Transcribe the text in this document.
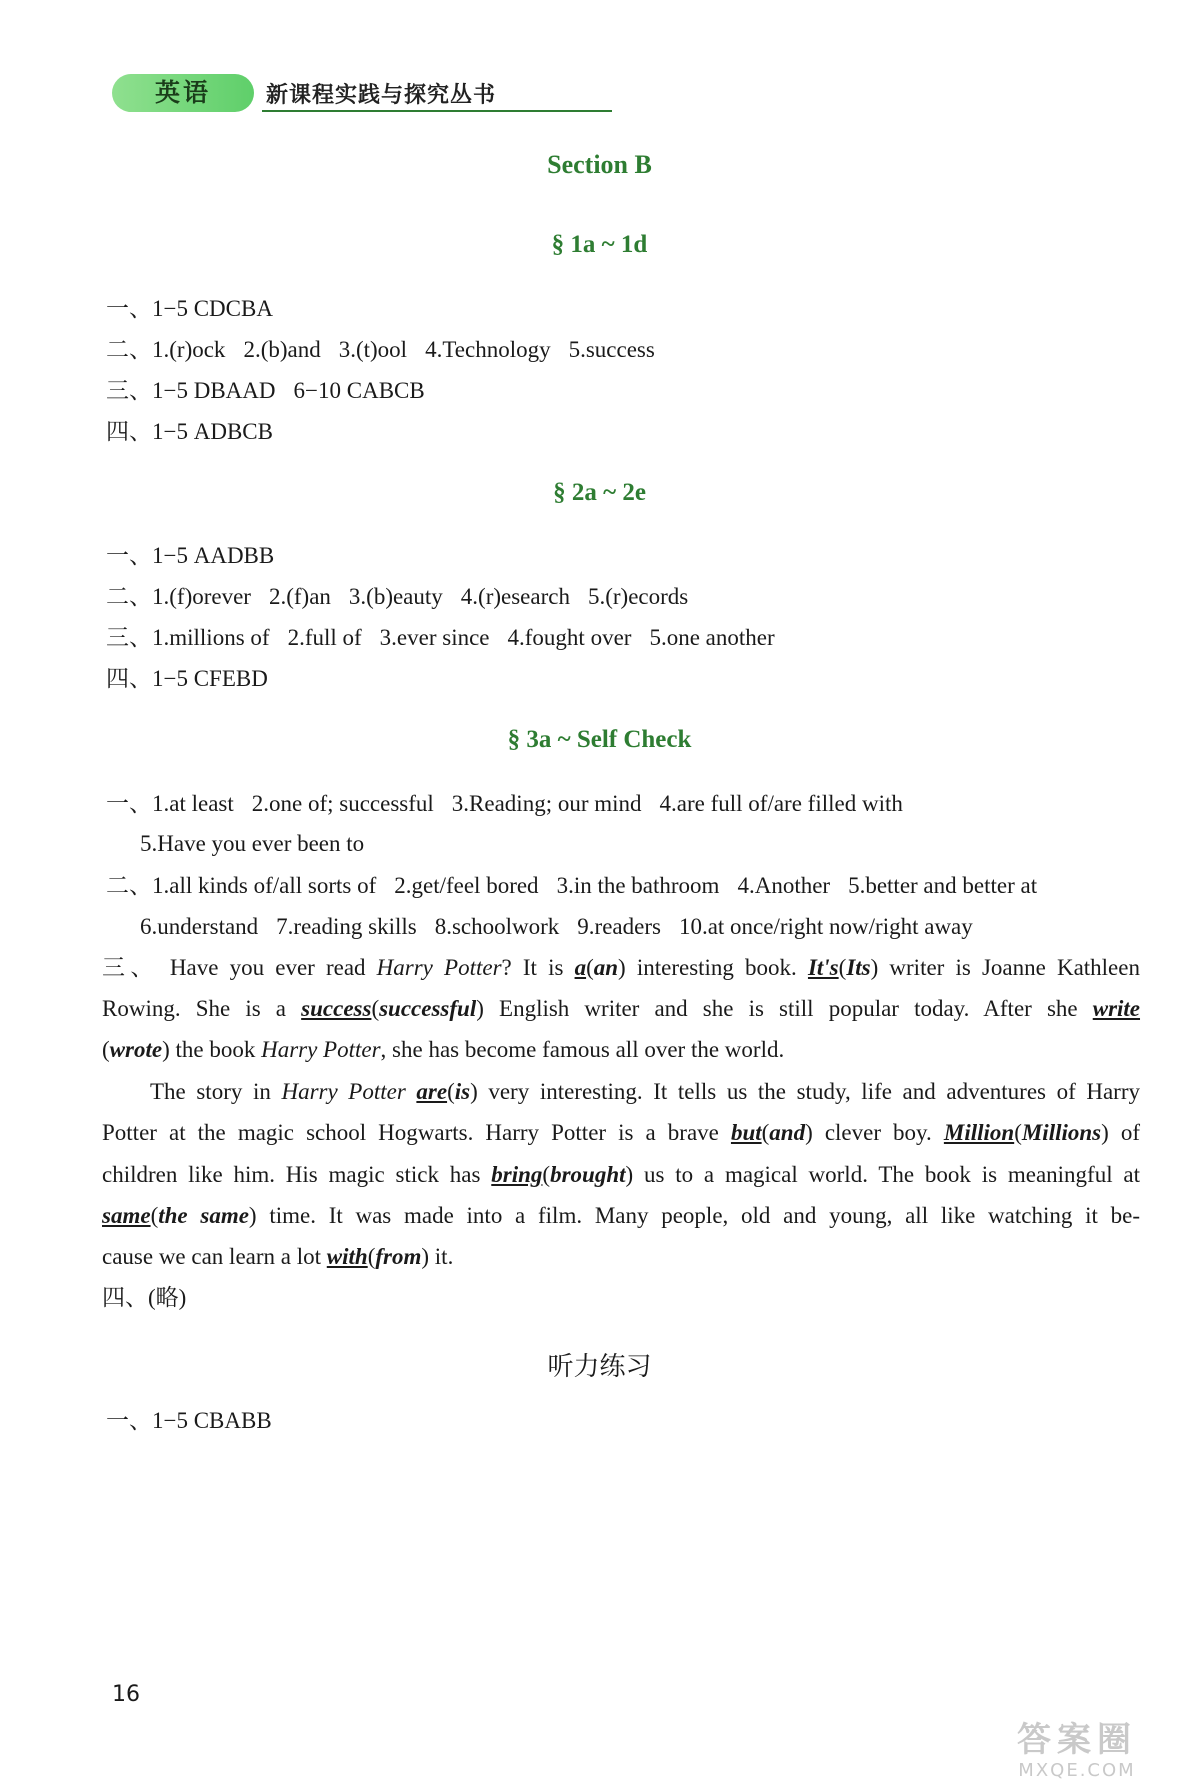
英语	新课程实践与探究丛书
Section B
§ 1a ~ 1d
一、1−5 CDCBA
二、1.(r)ock 2.(b)and 3.(t)ool 4.Technology 5.success
三、1−5 DBAAD 6−10 CABCB
四、1−5 ADBCB
§ 2a ~ 2e
一、1−5 AADBB
二、1.(f)orever 2.(f)an 3.(b)eauty 4.(r)esearch 5.(r)ecords
三、1.millions of 2.full of 3.ever since 4.fought over 5.one another
四、1−5 CFEBD
§ 3a ~ Self Check
一、1.at least 2.one of; successful 3.Reading; our mind 4.are full of/are filled with
5.Have you ever been to
二、1.all kinds of/all sorts of 2.get/feel bored 3.in the bathroom 4.Another 5.better and better at
6.understand 7.reading skills 8.schoolwork 9.readers 10.at once/right now/right away
三、 Have you ever read Harry Potter? It is a(an) interesting book. It's(Its) writer is Joanne Kathleen
Rowing. She is a success(successful) English writer and she is still popular today. After she write
(wrote) the book Harry Potter, she has become famous all over the world.
The story in Harry Potter are(is) very interesting. It tells us the study, life and adventures of Harry
Potter at the magic school Hogwarts. Harry Potter is a brave but(and) clever boy. Million(Millions) of
children like him. His magic stick has bring(brought) us to a magical world. The book is meaningful at
same(the same) time. It was made into a film. Many people, old and young, all like watching it be-
cause we can learn a lot with(from) it.
四、(略)
听力练习
一、1−5 CBABB
16
答案圈
MXQE.COM
